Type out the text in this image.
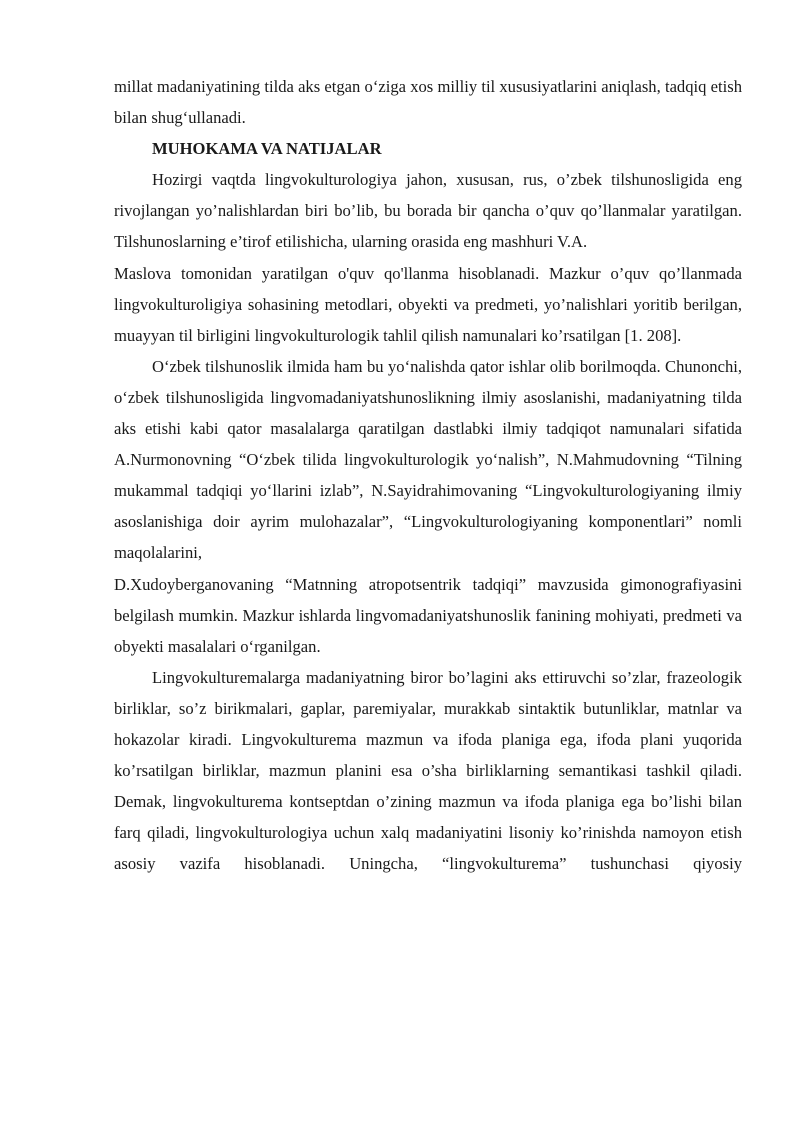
millat madaniyatining tilda aks etgan o‘ziga xos milliy til xususiyatlarini aniqlash, tadqiq etish bilan shug‘ullanadi.

MUHOKAMA VA NATIJALAR

Hozirgi vaqtda lingvokulturologiya jahon, xususan, rus, o’zbek tilshunosligida eng rivojlangan yo’nalishlardan biri bo’lib, bu borada bir qancha o’quv qo’llanmalar yaratilgan. Tilshunoslarning e’tirof etilishicha, ularning orasida eng mashhuri V.A.

Maslova tomonidan yaratilgan o'quv qo'llanma hisoblanadi. Mazkur o’quv qo’llanmada lingvokulturoligiya sohasining metodlari, obyekti va predmeti, yo’nalishlari yoritib berilgan, muayyan til birligini lingvokulturologik tahlil qilish namunalari ko’rsatilgan [1. 208].

O‘zbek tilshunoslik ilmida ham bu yo‘nalishda qator ishlar olib borilmoqda. Chunonchi, o‘zbek tilshunosligida lingvomadaniyatshunoslikning ilmiy asoslanishi, madaniyatning tilda aks etishi kabi qator masalalarga qaratilgan dastlabki ilmiy tadqiqot namunalari sifatida A.Nurmonovning “O‘zbek tilida lingvokulturologik yo‘nalish”, N.Mahmudovning “Tilning mukammal tadqiqi yo‘llarini izlab”, N.Sayidrahimovaning “Lingvokulturologiyaning ilmiy asoslanishiga doir ayrim mulohazalar”, “Lingvokulturologiyaning komponentlari” nomli maqolalarini,

D.Xudoyberganovaning “Matnning atropotsentrik tadqiqi” mavzusida gimonografiyasini belgilash mumkin. Mazkur ishlarda lingvomadaniyatshunoslik fanining mohiyati, predmeti va obyekti masalalari o‘rganilgan.

Lingvokulturemalarga madaniyatning biror bo’lagini aks ettiruvchi so’zlar, frazeologik birliklar, so’z birikmalari, gaplar, paremiyalar, murakkab sintaktik butunliklar, matnlar va hokazolar kiradi. Lingvokulturema mazmun va ifoda planiga ega, ifoda plani yuqorida ko’rsatilgan birliklar, mazmun planini esa o’sha birliklarning semantikasi tashkil qiladi. Demak, lingvokulturema kontseptdan o’zining mazmun va ifoda planiga ega bo’lishi bilan farq qiladi, lingvokulturologiya uchun xalq madaniyatini lisoniy ko’rinishda namoyon etish asosiy vazifa hisoblanadi. Uningcha, “lingvokulturema” tushunchasi qiyosiy
